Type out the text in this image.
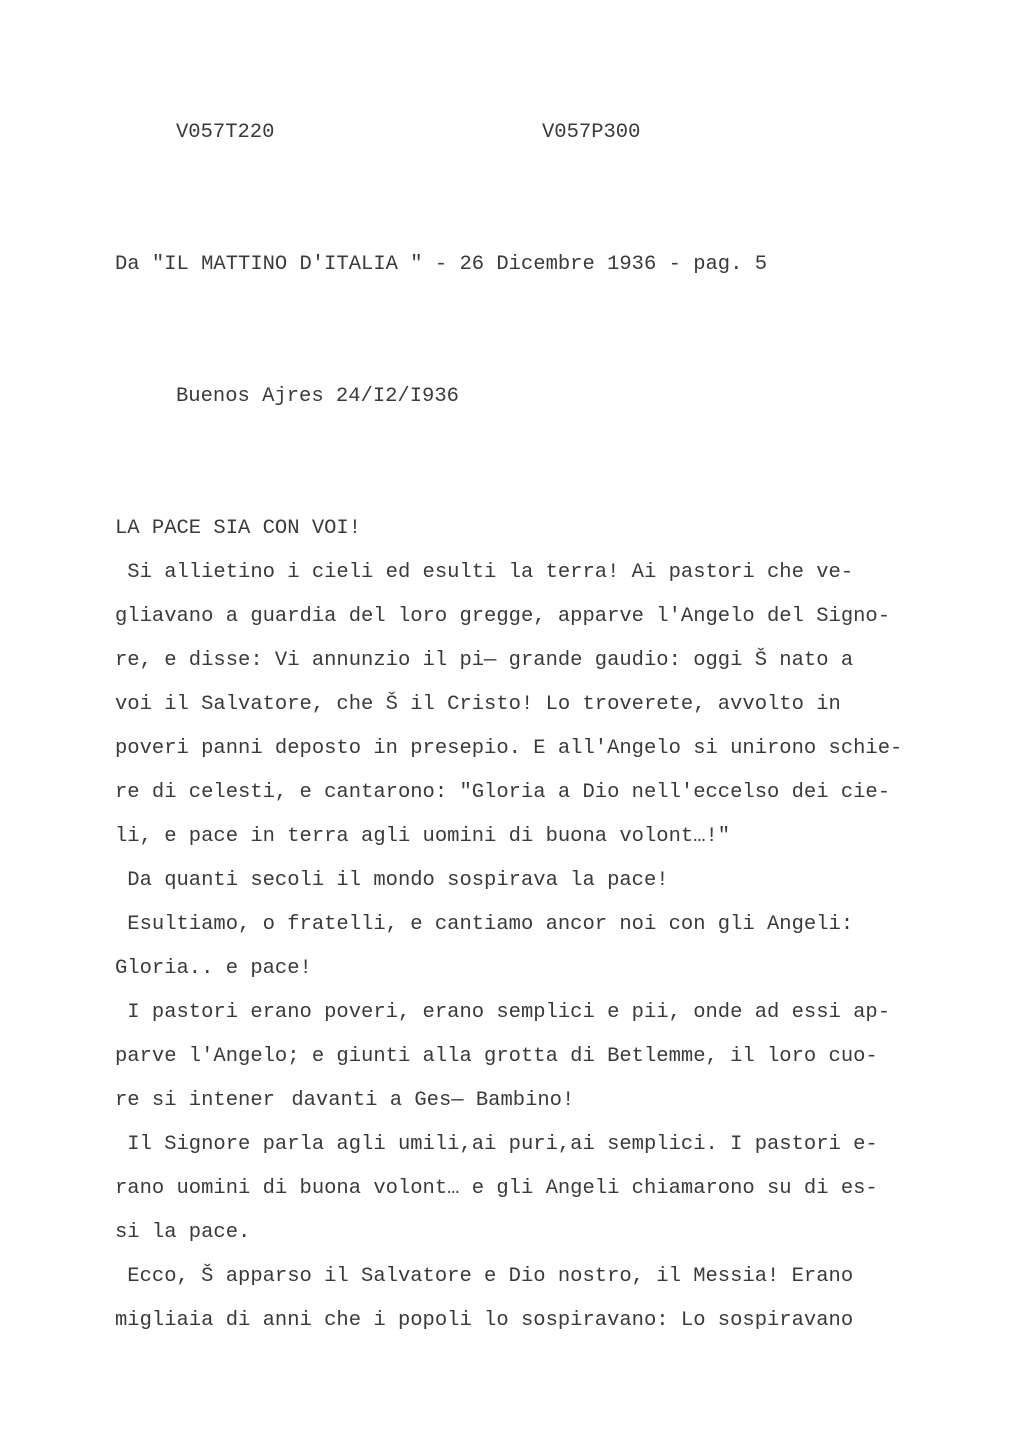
V057T220	V057P300
Da "IL MATTINO D'ITALIA " - 26 Dicembre 1936 - pag. 5
Buenos Ajres 24/I2/I936
LA PACE SIA CON VOI!
Si allietino i cieli ed esulti la terra! Ai pastori che ve-
gliavano a guardia del loro gregge, apparve l'Angelo del Signo-
re, e disse: Vi annunzio il pi— grande gaudio: oggi Š nato a
voi il Salvatore, che Š il Cristo! Lo troverete, avvolto in
poveri panni deposto in presepio. E all'Angelo si unirono schie-
re di celesti, e cantarono: "Gloria a Dio nell'eccelso dei cie-
li, e pace in terra agli uomini di buona volont…!"
Da quanti secoli il mondo sospirava la pace!
Esultiamo, o fratelli, e cantiamo ancor noi con gli Angeli:
Gloria.. e pace!
I pastori erano poveri, erano semplici e pii, onde ad essi ap-
parve l'Angelo; e giunti alla grotta di Betlemme, il loro cuo-
re si intenerdavanti a Ges— Bambino!
Il Signore parla agli umili,ai puri,ai semplici. I pastori e-
rano uomini di buona volont… e gli Angeli chiamarono su di es-
si la pace.
Ecco, Š apparso il Salvatore e Dio nostro, il Messia! Erano
migliaia di anni che i popoli lo sospiravano: Lo sospiravano
